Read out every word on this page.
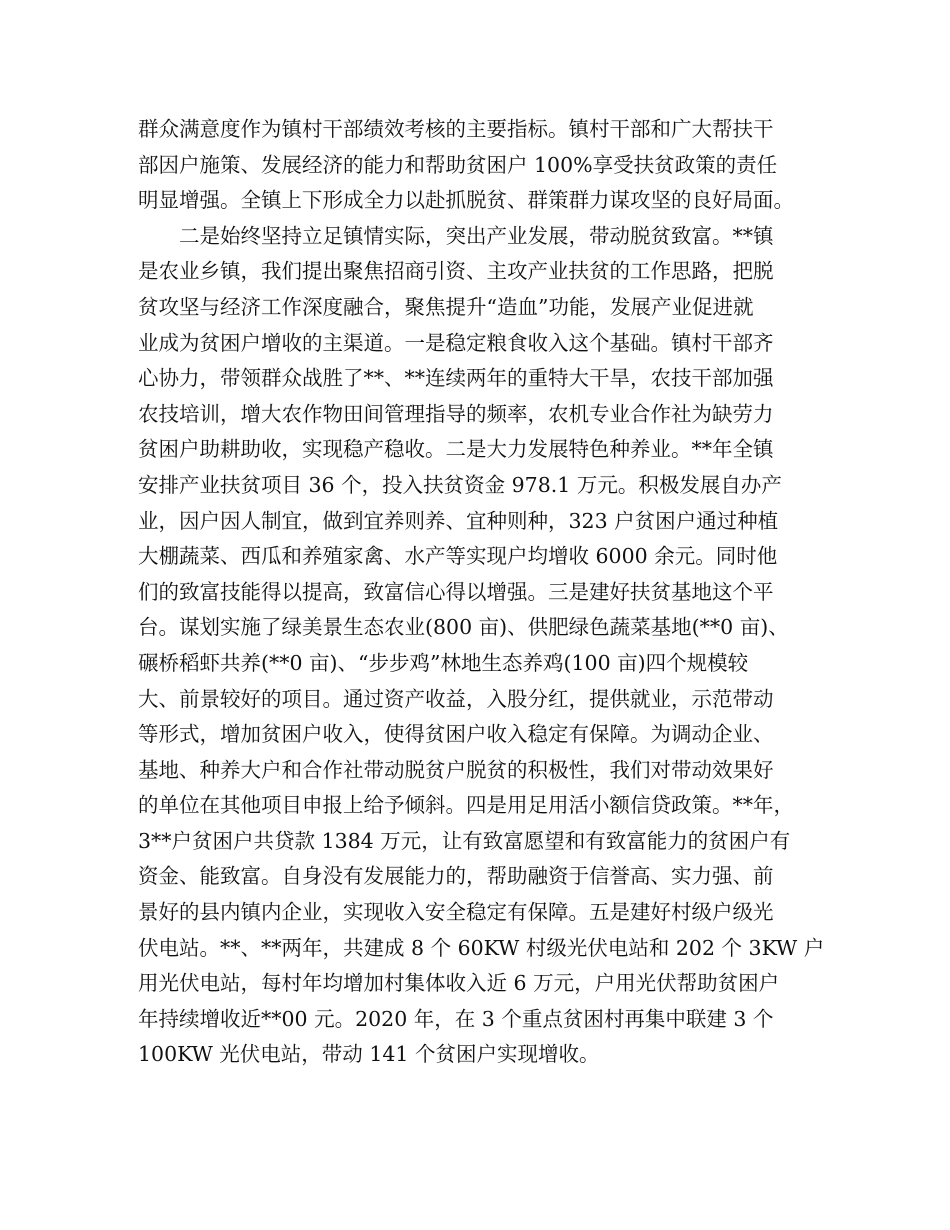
群众满意度作为镇村干部绩效考核的主要指标。镇村干部和广大帮扶干
部因户施策、发展经济的能力和帮助贫困户 100%享受扶贫政策的责任
明显增强。全镇上下形成全力以赴抓脱贫、群策群力谋攻坚的良好局面。
二是始终坚持立足镇情实际，突出产业发展，带动脱贫致富。**镇
是农业乡镇，我们提出聚焦招商引资、主攻产业扶贫的工作思路，把脱
贫攻坚与经济工作深度融合，聚焦提升“造血”功能，发展产业促进就
业成为贫困户增收的主渠道。一是稳定粮食收入这个基础。镇村干部齐
心协力，带领群众战胜了**、**连续两年的重特大干旱，农技干部加强
农技培训，增大农作物田间管理指导的频率，农机专业合作社为缺劳力
贫困户助耕助收，实现稳产稳收。二是大力发展特色种养业。**年全镇
安排产业扶贫项目 36 个，投入扶贫资金 978.1 万元。积极发展自办产
业，因户因人制宜，做到宜养则养、宜种则种，323 户贫困户通过种植
大棚蔬菜、西瓜和养殖家禽、水产等实现户均增收 6000 余元。同时他
们的致富技能得以提高，致富信心得以增强。三是建好扶贫基地这个平
台。谋划实施了绿美景生态农业(800 亩)、供肥绿色蔬菜基地(**0 亩)、
碾桥稻虾共养(**0 亩)、“步步鸡”林地生态养鸡(100 亩)四个规模较
大、前景较好的项目。通过资产收益，入股分红，提供就业，示范带动
等形式，增加贫困户收入，使得贫困户收入稳定有保障。为调动企业、
基地、种养大户和合作社带动脱贫户脱贫的积极性，我们对带动效果好
的单位在其他项目申报上给予倾斜。四是用足用活小额信贷政策。**年，
3**户贫困户共贷款 1384 万元，让有致富愿望和有致富能力的贫困户有
资金、能致富。自身没有发展能力的，帮助融资于信誉高、实力强、前
景好的县内镇内企业，实现收入安全稳定有保障。五是建好村级户级光
伏电站。**、**两年，共建成 8 个 60KW 村级光伏电站和 202 个 3KW 户
用光伏电站，每村年均增加村集体收入近 6 万元，户用光伏帮助贫困户
年持续增收近**00 元。2020 年，在 3 个重点贫困村再集中联建 3 个
100KW 光伏电站，带动 141 个贫困户实现增收。
